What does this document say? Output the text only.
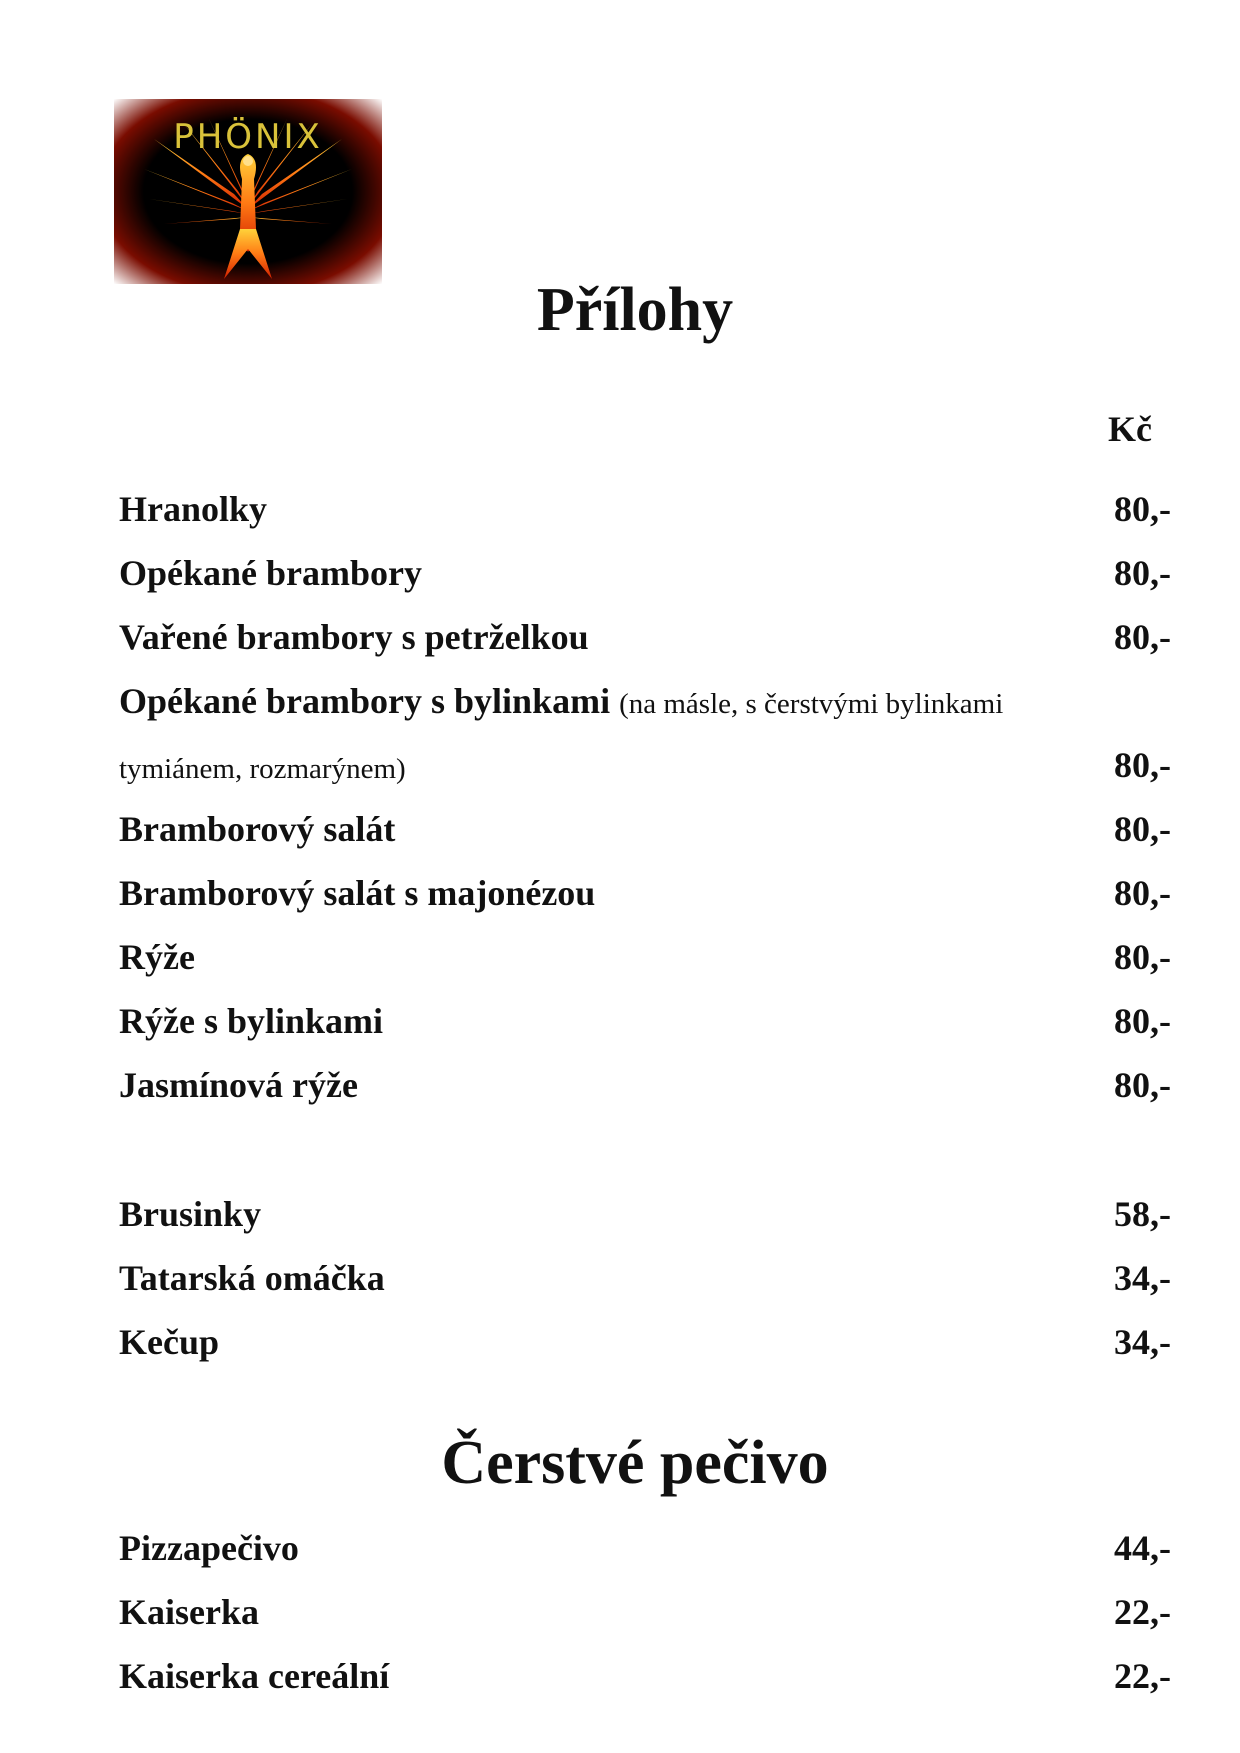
PHÖNIX
Přílohy
Kč
Hranolky	80,-
Opékané brambory	80,-
Vařené brambory s petrželkou	80,-
Opékané brambory s bylinkami (na másle, s čerstvými bylinkami
tymiánem, rozmarýnem)	80,-
Bramborový salát	80,-
Bramborový salát s majonézou	80,-
Rýže	80,-
Rýže s bylinkami	80,-
Jasmínová rýže	80,-
Brusinky	58,-
Tatarská omáčka	34,-
Kečup	34,-
Čerstvé pečivo
Pizzapečivo	44,-
Kaiserka	22,-
Kaiserka cereální	22,-
